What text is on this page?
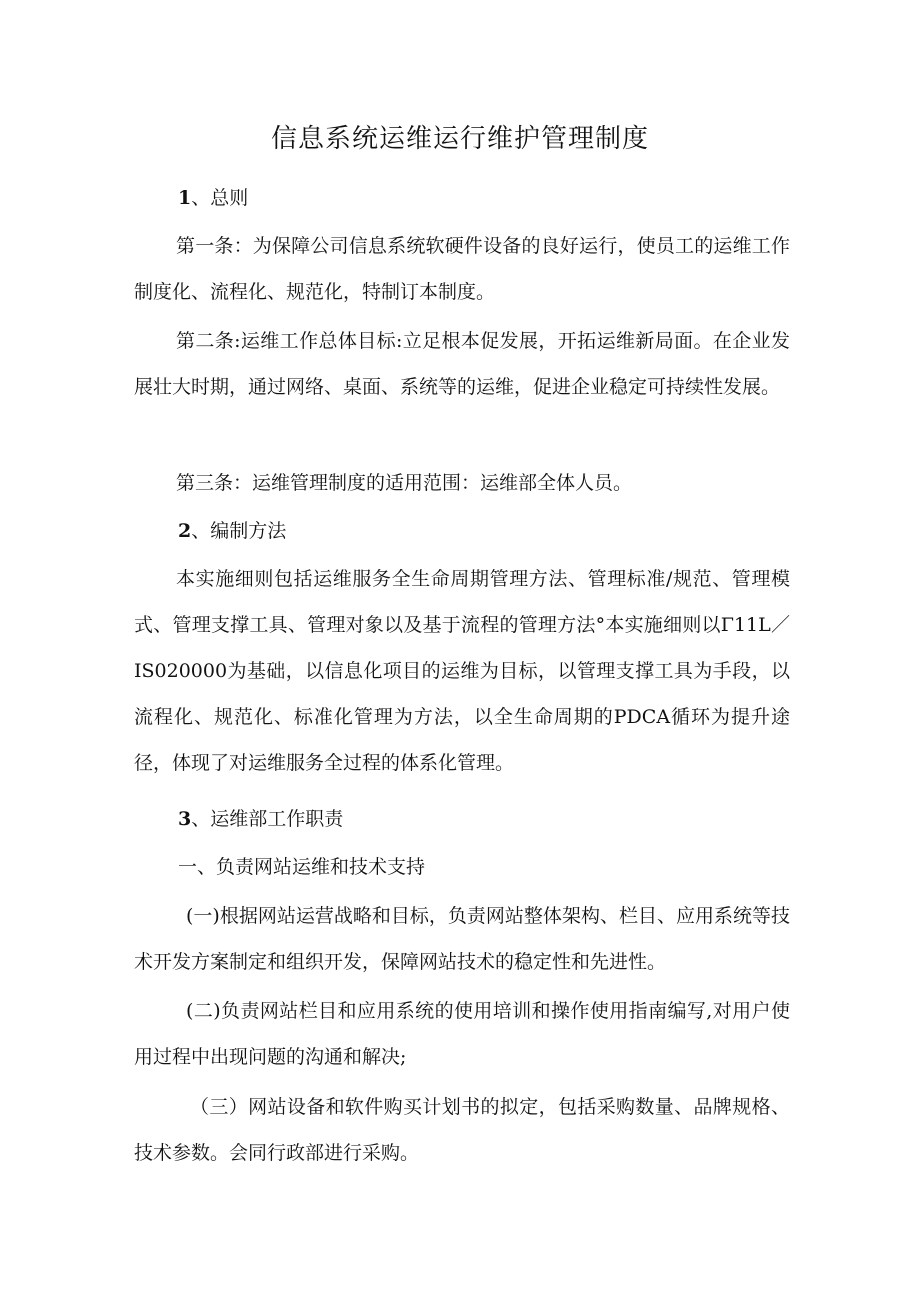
信息系统运维运行维护管理制度
1、总则
第一条：为保障公司信息系统软硬件设备的良好运行，使员工的运维工作制度化、流程化、规范化，特制订本制度。
第二条:运维工作总体目标:立足根本促发展，开拓运维新局面。在企业发展壮大时期，通过网络、桌面、系统等的运维，促进企业稳定可持续性发展。
第三条：运维管理制度的适用范围：运维部全体人员。
2、编制方法
本实施细则包括运维服务全生命周期管理方法、管理标准/规范、管理模式、管理支撑工具、管理对象以及基于流程的管理方法°本实施细则以Γ11L／IS020000为基础，以信息化项目的运维为目标，以管理支撑工具为手段，以流程化、规范化、标准化管理为方法，以全生命周期的PDCA循环为提升途径，体现了对运维服务全过程的体系化管理。
3、运维部工作职责
一、负责网站运维和技术支持
(一)根据网站运营战略和目标，负责网站整体架构、栏目、应用系统等技术开发方案制定和组织开发，保障网站技术的稳定性和先进性。
(二)负责网站栏目和应用系统的使用培训和操作使用指南编写,对用户使用过程中出现问题的沟通和解决;
（三）网站设备和软件购买计划书的拟定，包括采购数量、品牌规格、技术参数。会同行政部进行采购。
